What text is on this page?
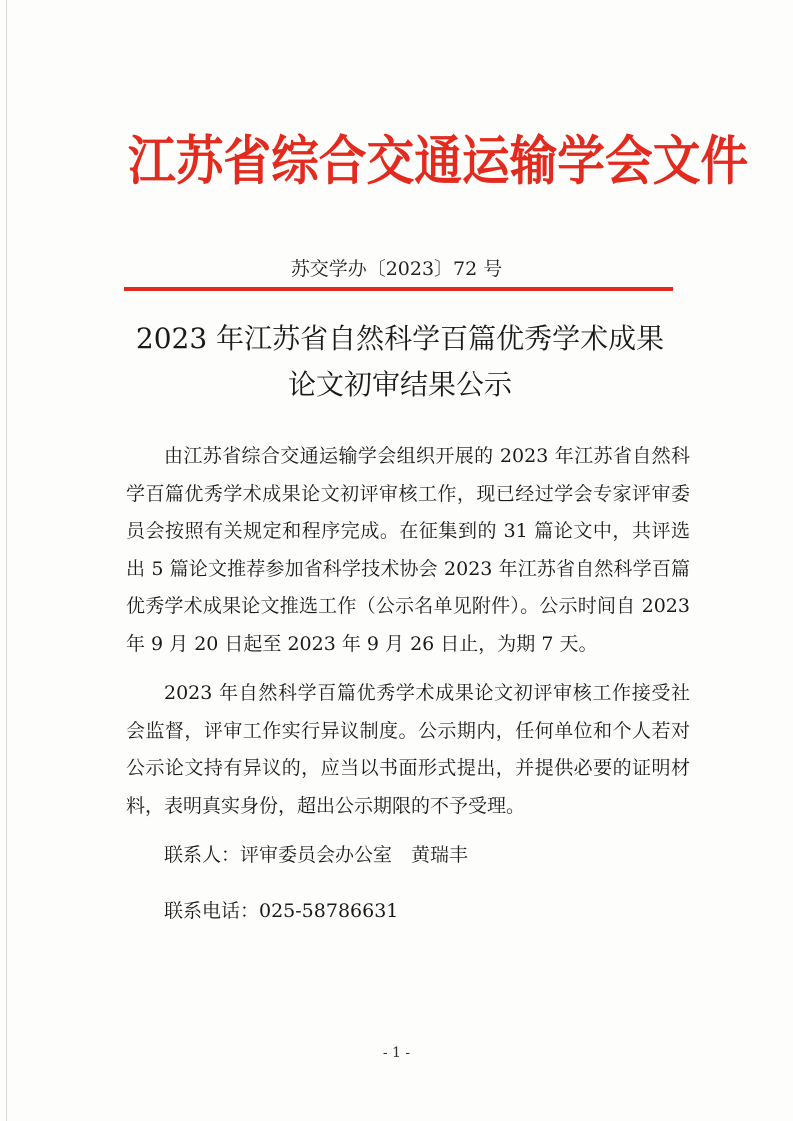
江苏省综合交通运输学会文件
苏交学办〔2023〕72 号
2023 年江苏省自然科学百篇优秀学术成果
论文初审结果公示

由江苏省综合交通运输学会组织开展的 2023 年江苏省自然科学百篇优秀学术成果论文初评审核工作，现已经过学会专家评审委员会按照有关规定和程序完成。在征集到的 31 篇论文中，共评选出 5 篇论文推荐参加省科学技术协会 2023 年江苏省自然科学百篇优秀学术成果论文推选工作（公示名单见附件）。公示时间自 2023 年 9 月 20 日起至 2023 年 9 月 26 日止，为期 7 天。

2023 年自然科学百篇优秀学术成果论文初评审核工作接受社会监督，评审工作实行异议制度。公示期内，任何单位和个人若对公示论文持有异议的，应当以书面形式提出，并提供必要的证明材料，表明真实身份，超出公示期限的不予受理。

联系人：评审委员会办公室　黄瑞丰

联系电话：025-58786631

- 1 -
